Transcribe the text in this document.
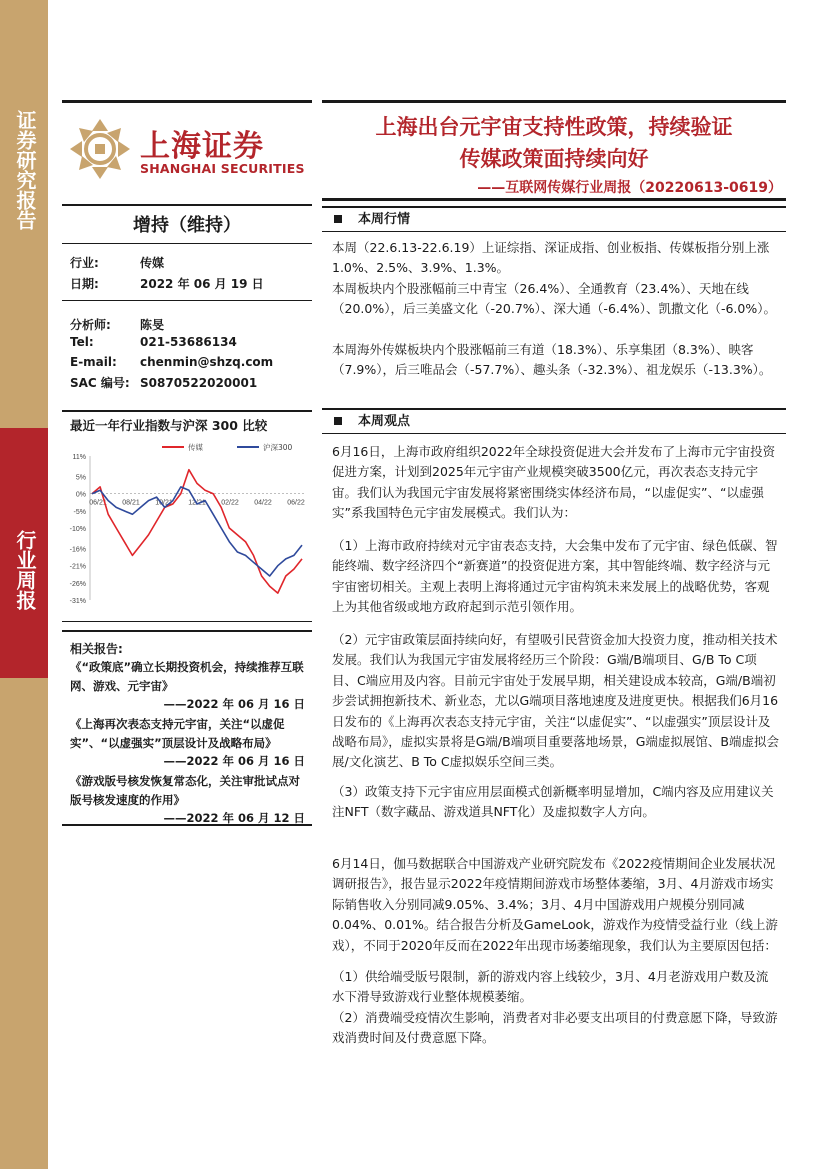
证券研究报告
行业周报
上海证券
SHANGHAI SECURITIES
上海出台元宇宙支持性政策，持续验证
传媒政策面持续向好
——互联网传媒行业周报（20220613-0619）
增持（维持）
行业:	传媒
日期:	2022 年 06 月 19 日
分析师: 陈旻
Tel:	021-53686134
E-mail: chenmin@shzq.com
SAC 编号: S0870522020001
最近一年行业指数与沪深 300 比较
11%
5%
0%
-5%
-10%
-16%
-21%
-26%
-31%
06/21 08/21 10/21 12/21 02/22 04/22 06/22
传媒	沪深300
相关报告:
《“政策底”确立长期投资机会，持续推荐互联网、游戏、元宇宙》
——2022 年 06 月 16 日
《上海再次表态支持元宇宙，关注“以虚促实”、“以虚强实”顶层设计及战略布局》
——2022 年 06 月 16 日
《游戏版号核发恢复常态化，关注审批试点对版号核发速度的作用》
——2022 年 06 月 12 日
本周行情
本周（22.6.13-22.6.19）上证综指、深证成指、创业板指、传媒板指分别上涨1.0%、2.5%、3.9%、1.3%。
本周板块内个股涨幅前三中青宝（26.4%）、全通教育（23.4%）、天地在线（20.0%），后三美盛文化（-20.7%）、深大通（-6.4%）、凯撒文化（-6.0%）。
本周海外传媒板块内个股涨幅前三有道（18.3%）、乐享集团（8.3%）、映客（7.9%），后三唯品会（-57.7%）、趣头条（-32.3%）、祖龙娱乐（-13.3%）。
本周观点
6月16日，上海市政府组织2022年全球投资促进大会并发布了上海市元宇宙投资促进方案，计划到2025年元宇宙产业规模突破3500亿元，再次表态支持元宇宙。我们认为我国元宇宙发展将紧密围绕实体经济布局，“以虚促实”、“以虚强实”系我国特色元宇宙发展模式。我们认为：
（1）上海市政府持续对元宇宙表态支持，大会集中发布了元宇宙、绿色低碳、智能终端、数字经济四个“新赛道”的投资促进方案，其中智能终端、数字经济与元宇宙密切相关。主观上表明上海将通过元宇宙构筑未来发展上的战略优势，客观上为其他省级或地方政府起到示范引领作用。
（2）元宇宙政策层面持续向好，有望吸引民营资金加大投资力度，推动相关技术发展。我们认为我国元宇宙发展将经历三个阶段：G端/B端项目、G/B To C项目、C端应用及内容。目前元宇宙处于发展早期，相关建设成本较高，G端/B端初步尝试拥抱新技术、新业态，尤以G端项目落地速度及进度更快。根据我们6月16日发布的《上海再次表态支持元宇宙，关注“以虚促实”、“以虚强实”顶层设计及战略布局》，虚拟实景将是G端/B端项目重要落地场景，G端虚拟展馆、B端虚拟会展/文化演艺、B To C虚拟娱乐空间三类。
（3）政策支持下元宇宙应用层面模式创新概率明显增加，C端内容及应用建议关注NFT（数字藏品、游戏道具NFT化）及虚拟数字人方向。
6月14日，伽马数据联合中国游戏产业研究院发布《2022疫情期间企业发展状况调研报告》，报告显示2022年疫情期间游戏市场整体萎缩，3月、4月游戏市场实际销售收入分别同减9.05%、3.4%；3月、4月中国游戏用户规模分别同减0.04%、0.01%。结合报告分析及GameLook，游戏作为疫情受益行业（线上游戏），不同于2020年反而在2022年出现市场萎缩现象，我们认为主要原因包括：
（1）供给端受版号限制，新的游戏内容上线较少，3月、4月老游戏用户数及流水下滑导致游戏行业整体规模萎缩。
（2）消费端受疫情次生影响，消费者对非必要支出项目的付费意愿下降，导致游戏消费时间及付费意愿下降。
